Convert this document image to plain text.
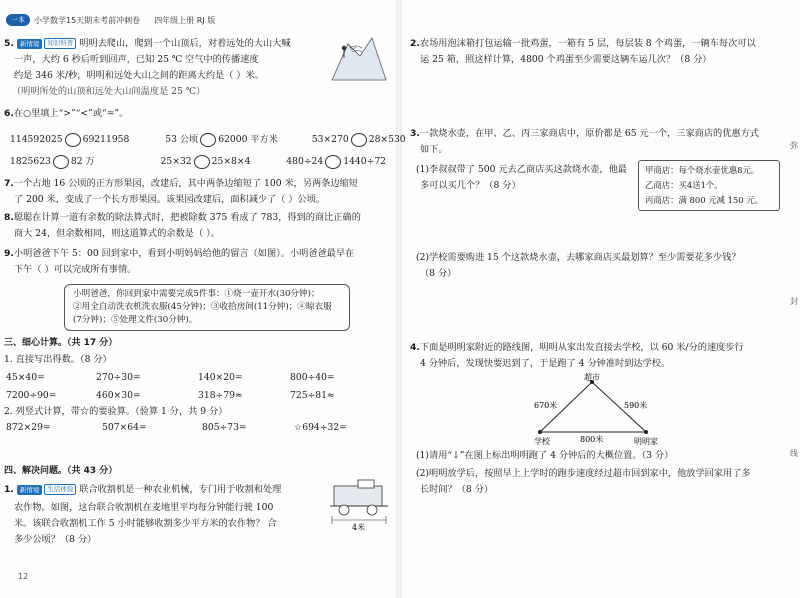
一本	小学数学15天期末考前冲刺卷 四年级上册 RJ 版
5. 新情境 知识科普 明明去爬山，爬到一个山顶后，对着远处的大山大喊
一声，大约 6 秒后听到回声，已知 25 ℃ 空气中的传播速度
约是 346 米/秒，明明和远处大山之间的距离大约是（ ）米。
（明明所处的山顶和远处大山间温度是 25 ℃）
6.在○里填上“>”“<”或“=”。
114592025 69211958	53 公顷 62000 平方米	53×270 28×530
1825623 82 万	25×32 25×8×4	480÷24 1440÷72
7.一个占地 16 公顷的正方形果园，改建后，其中两条边缩短了 100 米，另两条边缩短
了 200 米，变成了一个长方形果园。该果园改建后，面积减少了（ ）公顷。
8.聪聪在计算一道有余数的除法算式时，把被除数 375 看成了 783，得到的商比正确的
商大 24，但余数相同，则这道算式的余数是（ ）。
9.小明爸爸下午 5：00 回到家中，看到小明妈妈给他的留言（如图）。小明爸爸最早在
下午（ ）可以完成所有事情。
小明爸爸，你回到家中需要完成5件事：①烧一壶开水(30分钟)；
②用全自动洗衣机洗衣服(45分钟)；③收拾房间(11分钟)；④晾衣服
(7分钟)；⑤处理文件(30分钟)。
三、细心计算。（共 17 分）
1. 直接写出得数。（8 分）
45×40=	270÷30=	140×20=	800÷40=
7200÷90=	460×30=	318÷79≈	725÷81≈
2. 列竖式计算，带☆的要验算。（验算 1 分，共 9 分）
872×29=	507×64=	805÷73=	☆694÷32=
四、解决问题。（共 43 分）
1. 新情境 生活体验 联合收割机是一种农业机械，专门用于收割和处理
农作物。如图，这台联合收割机在麦地里平均每分钟能行驶 100
米。该联合收割机工作 5 小时能够收割多少平方米的农作物？ 合
多少公顷？（8 分）
4米
2.农场用泡沫箱打包运输一批鸡蛋，一箱有 5 层，每层装 8 个鸡蛋，一辆车每次可以
运 25 箱，照这样计算，4800 个鸡蛋至少需要这辆车运几次？（8 分）
3.一款烧水壶，在甲、乙、丙三家商店中，原价都是 65 元一个，三家商店的优惠方式
如下。
(1)李叔叔带了 500 元去乙商店买这款烧水壶，他最
多可以买几个？（8 分）
甲商店：每个烧水壶优惠8元。
乙商店：买4送1个。
丙商店：满 800 元减 150 元。
(2)学校需要购进 15 个这款烧水壶，去哪家商店买最划算？至少需要花多少钱？
（8 分）
4.下面是明明家附近的路线图，明明从家出发直接去学校，以 60 米/分的速度步行
4 分钟后，发现快要迟到了，于是跑了 4 分钟准时到达学校。
超市
学校	明明家
670米	590米
800米
(1)请用“↓”在图上标出明明跑了 4 分钟后的大概位置。（3 分）
(2)明明放学后，按照早上上学时的跑步速度经过超市回到家中，他放学回家用了多
长时间？（8 分）
弥
封
线
12
